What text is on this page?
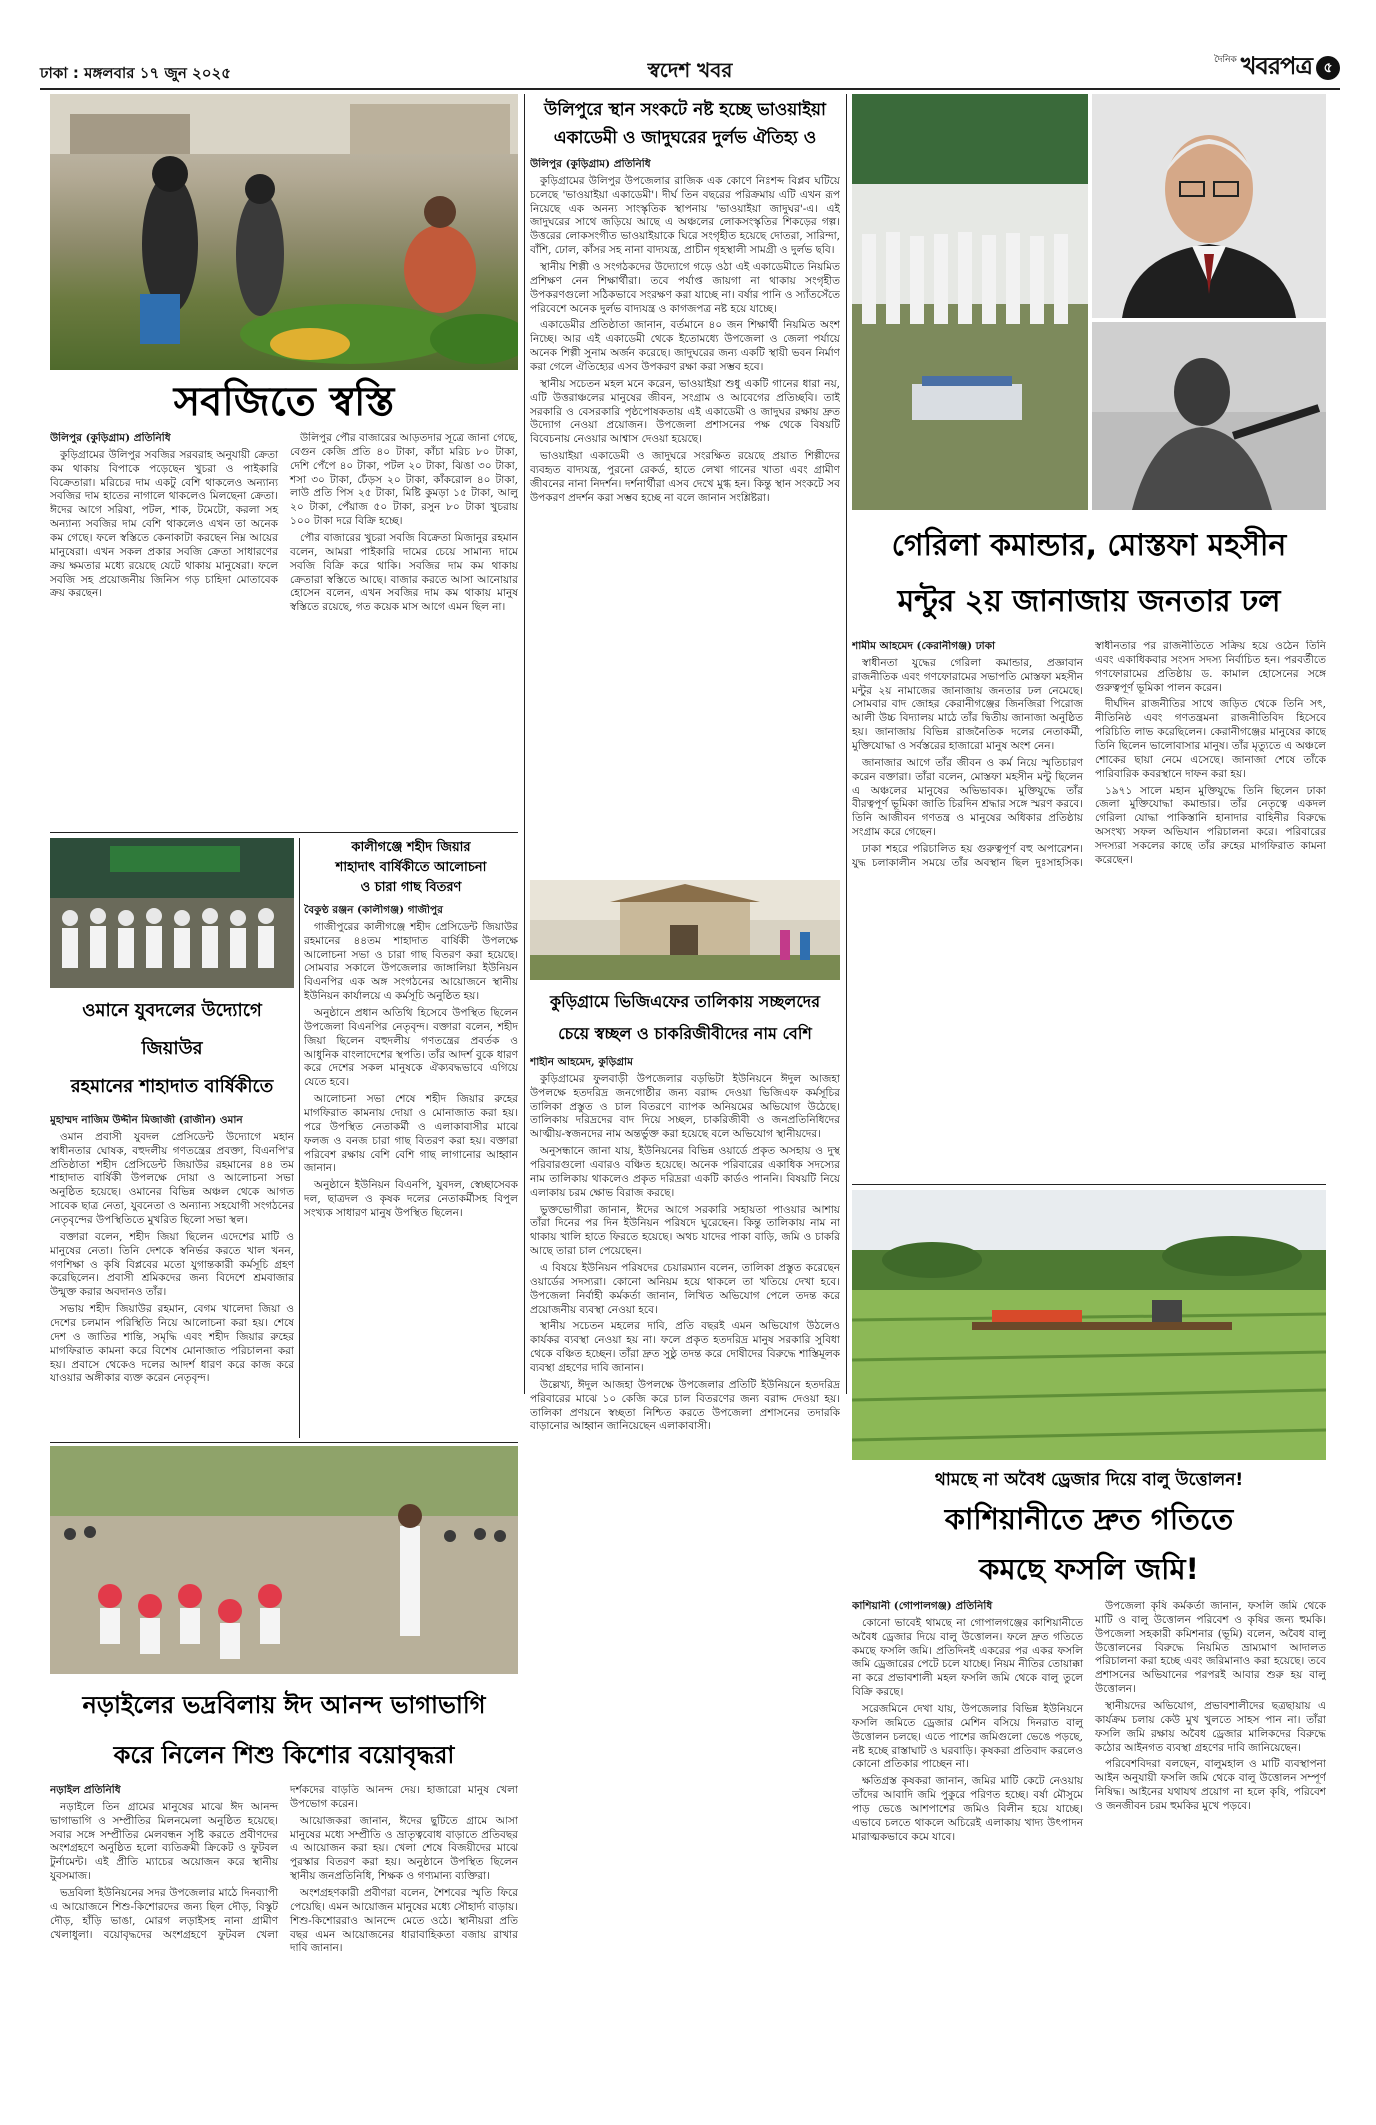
ঢাকা : মঙ্গলবার ১৭ জুন ২০২৫	স্বদেশ খবর	দৈনিক খবরপত্র ৫
সবজিতে স্বস্তি

উলিপুর (কুড়িগ্রাম) প্রতিনিধি

কুড়িগ্রামের উলিপুর সবজির সরবরাহ অনুযায়ী ক্রেতা কম থাকায় বিপাকে পড়েছেন খুচরা ও পাইকারি বিক্রেতারা। মরিচের দাম একটু বেশি থাকলেও অন্যান্য সবজির দাম হাতের নাগালে থাকলেও মিলছেনা ক্রেতা। ঈদের আগে সরিষা, পটল, শাক, টমেটো, করলা সহ অন্যান্য সবজির দাম বেশি থাকলেও এখন তা অনেক কম গেছে। ফলে স্বস্তিতে কেনাকাটা করছেন নিম্ন আয়ের মানুষেরা। এখন সকল প্রকার সবজি ক্রেতা সাধারণের ক্রয় ক্ষমতার মধ্যে রয়েছে যেটে থাকায় মানুষেরা। ফলে সবজি সহ প্রয়োজনীয় জিনিস গড় চাহিদা মোতাবেক ক্রয় করছেন।

উলিপুর পৌর বাজারের আড়তদার সূত্রে জানা গেছে, বেগুন কেজি প্রতি ৪০ টাকা, কাঁচা মরিচ ৮০ টাকা, দেশি পেঁপে ৪০ টাকা, পটল ২০ টাকা, ঝিঙা ৩০ টাকা, শসা ৩০ টাকা, ঢেঁড়স ২০ টাকা, কাঁকরোল ৪০ টাকা, লাউ প্রতি পিস ২৫ টাকা, মিষ্টি কুমড়া ১৫ টাকা, আলু ২০ টাকা, পেঁয়াজ ৫০ টাকা, রসুন ৮০ টাকা খুচরায় ১০০ টাকা দরে বিক্রি হচ্ছে।

পৌর বাজারের খুচরা সবজি বিক্রেতা মিজানুর রহমান বলেন, আমরা পাইকারি দামের চেয়ে সামান্য দামে সবজি বিক্রি করে থাকি। সবজির দাম কম থাকায় ক্রেতারা স্বস্তিতে আছে। বাজার করতে আসা আনোয়ার হোসেন বলেন, এখন সবজির দাম কম থাকায় মানুষ স্বস্তিতে রয়েছে, গত কয়েক মাস আগে এমন ছিল না।

উলিপুরে স্থান সংকটে নষ্ট হচ্ছে ভাওয়াইয়া
একাডেমী ও জাদুঘরের দুর্লভ ঐতিহ্য ও

উলিপুর (কুড়িগ্রাম) প্রতিনিধি

কুড়িগ্রামের উলিপুর উপজেলার রাজিক এক কোণে নিঃশব্দ বিপ্লব ঘটিয়ে চলেছে 'ভাওয়াইয়া একাডেমী'। দীর্ঘ তিন বছরের পরিক্রমায় এটি এখন রূপ নিয়েছে এক অনন্য সাংস্কৃতিক স্থাপনায় 'ভাওয়াইয়া জাদুঘর'-এ। এই জাদুঘরের সাথে জড়িয়ে আছে এ অঞ্চলের লোকসংস্কৃতির শিকড়ের গল্প। উত্তরের লোকসংগীত ভাওয়াইয়াকে ঘিরে সংগৃহীত হয়েছে দোতরা, সারিন্দা, বাঁশি, ঢোল, কাঁসর সহ নানা বাদ্যযন্ত্র, প্রাচীন গৃহস্থালী সামগ্রী ও দুর্লভ ছবি।

স্থানীয় শিল্পী ও সংগঠকদের উদ্যোগে গড়ে ওঠা এই একাডেমীতে নিয়মিত প্রশিক্ষণ নেন শিক্ষার্থীরা। তবে পর্যাপ্ত জায়গা না থাকায় সংগৃহীত উপকরণগুলো সঠিকভাবে সংরক্ষণ করা যাচ্ছে না। বর্ষার পানি ও স্যাঁতসেঁতে পরিবেশে অনেক দুর্লভ বাদ্যযন্ত্র ও কাগজপত্র নষ্ট হয়ে যাচ্ছে।

একাডেমীর প্রতিষ্ঠাতা জানান, বর্তমানে ৪০ জন শিক্ষার্থী নিয়মিত অংশ নিচ্ছে। আর এই একাডেমী থেকে ইতোমধ্যে উপজেলা ও জেলা পর্যায়ে অনেক শিল্পী সুনাম অর্জন করেছে। জাদুঘরের জন্য একটি স্থায়ী ভবন নির্মাণ করা গেলে ঐতিহ্যের এসব উপকরণ রক্ষা করা সম্ভব হবে।

স্থানীয় সচেতন মহল মনে করেন, ভাওয়াইয়া শুধু একটি গানের ধারা নয়, এটি উত্তরাঞ্চলের মানুষের জীবন, সংগ্রাম ও আবেগের প্রতিচ্ছবি। তাই সরকারি ও বেসরকারি পৃষ্ঠপোষকতায় এই একাডেমী ও জাদুঘর রক্ষায় দ্রুত উদ্যোগ নেওয়া প্রয়োজন। উপজেলা প্রশাসনের পক্ষ থেকে বিষয়টি বিবেচনায় নেওয়ার আশ্বাস দেওয়া হয়েছে।

ভাওয়াইয়া একাডেমী ও জাদুঘরে সংরক্ষিত রয়েছে প্রয়াত শিল্পীদের ব্যবহৃত বাদ্যযন্ত্র, পুরনো রেকর্ড, হাতে লেখা গানের খাতা এবং গ্রামীণ জীবনের নানা নিদর্শন। দর্শনার্থীরা এসব দেখে মুগ্ধ হন। কিন্তু স্থান সংকটে সব উপকরণ প্রদর্শন করা সম্ভব হচ্ছে না বলে জানান সংশ্লিষ্টরা।

গেরিলা কমান্ডার, মোস্তফা মহসীন
মন্টুর ২য় জানাজায় জনতার ঢল

শামীম আহমেদ (কেরানীগঞ্জ) ঢাকা

স্বাধীনতা যুদ্ধের গেরিলা কমান্ডার, প্রজ্ঞাবান রাজনীতিক এবং গণফোরামের সভাপতি মোস্তফা মহসীন মন্টুর ২য় নামাজের জানাজায় জনতার ঢল নেমেছে। সোমবার বাদ জোহর কেরানীগঞ্জের জিনজিরা পিরোজ আলী উচ্চ বিদ্যালয় মাঠে তাঁর দ্বিতীয় জানাজা অনুষ্ঠিত হয়। জানাজায় বিভিন্ন রাজনৈতিক দলের নেতাকর্মী, মুক্তিযোদ্ধা ও সর্বস্তরের হাজারো মানুষ অংশ নেন।

জানাজার আগে তাঁর জীবন ও কর্ম নিয়ে স্মৃতিচারণ করেন বক্তারা। তাঁরা বলেন, মোস্তফা মহসীন মন্টু ছিলেন এ অঞ্চলের মানুষের অভিভাবক। মুক্তিযুদ্ধে তাঁর বীরত্বপূর্ণ ভূমিকা জাতি চিরদিন শ্রদ্ধার সঙ্গে স্মরণ করবে। তিনি আজীবন গণতন্ত্র ও মানুষের অধিকার প্রতিষ্ঠায় সংগ্রাম করে গেছেন।

ঢাকা শহরে পরিচালিত হয় গুরুত্বপূর্ণ বহু অপারেশন। যুদ্ধ চলাকালীন সময়ে তাঁর অবস্থান ছিল দুঃসাহসিক। স্বাধীনতার পর রাজনীতিতে সক্রিয় হয়ে ওঠেন তিনি এবং একাধিকবার সংসদ সদস্য নির্বাচিত হন। পরবর্তীতে গণফোরামের প্রতিষ্ঠায় ড. কামাল হোসেনের সঙ্গে গুরুত্বপূর্ণ ভূমিকা পালন করেন।

দীর্ঘদিন রাজনীতির সাথে জড়িত থেকে তিনি সৎ, নীতিনিষ্ঠ এবং গণতন্ত্রমনা রাজনীতিবিদ হিসেবে পরিচিতি লাভ করেছিলেন। কেরানীগঞ্জের মানুষের কাছে তিনি ছিলেন ভালোবাসার মানুষ। তাঁর মৃত্যুতে এ অঞ্চলে শোকের ছায়া নেমে এসেছে। জানাজা শেষে তাঁকে পারিবারিক কবরস্থানে দাফন করা হয়।

১৯৭১ সালে মহান মুক্তিযুদ্ধে তিনি ছিলেন ঢাকা জেলা মুক্তিযোদ্ধা কমান্ডার। তাঁর নেতৃত্বে একদল গেরিলা যোদ্ধা পাকিস্তানি হানাদার বাহিনীর বিরুদ্ধে অসংখ্য সফল অভিযান পরিচালনা করে। পরিবারের সদস্যরা সকলের কাছে তাঁর রুহের মাগফিরাত কামনা করেছেন।

কালীগঞ্জে শহীদ জিয়ার
শাহাদাৎ বার্ষিকীতে আলোচনা
ও চারা গাছ বিতরণ

বৈকুণ্ঠ রঞ্জন (কালীগঞ্জ) গাজীপুর

গাজীপুরের কালীগঞ্জে শহীদ প্রেসিডেন্ট জিয়াউর রহমানের ৪৪তম শাহাদাত বার্ষিকী উপলক্ষে আলোচনা সভা ও চারা গাছ বিতরণ করা হয়েছে। সোমবার সকালে উপজেলার জাঙ্গালিয়া ইউনিয়ন বিএনপির এক অঙ্গ সংগঠনের আয়োজনে স্থানীয় ইউনিয়ন কার্যালয়ে এ কর্মসূচি অনুষ্ঠিত হয়।

অনুষ্ঠানে প্রধান অতিথি হিসেবে উপস্থিত ছিলেন উপজেলা বিএনপির নেতৃবৃন্দ। বক্তারা বলেন, শহীদ জিয়া ছিলেন বহুদলীয় গণতন্ত্রের প্রবর্তক ও আধুনিক বাংলাদেশের স্থপতি। তাঁর আদর্শ বুকে ধারণ করে দেশের সকল মানুষকে ঐক্যবদ্ধভাবে এগিয়ে যেতে হবে।

আলোচনা সভা শেষে শহীদ জিয়ার রুহের মাগফিরাত কামনায় দোয়া ও মোনাজাত করা হয়। পরে উপস্থিত নেতাকর্মী ও এলাকাবাসীর মাঝে ফলজ ও বনজ চারা গাছ বিতরণ করা হয়। বক্তারা পরিবেশ রক্ষায় বেশি বেশি গাছ লাগানোর আহ্বান জানান।

অনুষ্ঠানে ইউনিয়ন বিএনপি, যুবদল, স্বেচ্ছাসেবক দল, ছাত্রদল ও কৃষক দলের নেতাকর্মীসহ বিপুল সংখ্যক সাধারণ মানুষ উপস্থিত ছিলেন।

ওমানে যুবদলের উদ্যোগে জিয়াউর
রহমানের শাহাদাত বার্ষিকীতে

মুহাম্মদ নাজিম উদ্দীন মিজাজী (রাজীন) ওমান

ওমান প্রবাসী যুবদল প্রেসিডেন্ট উদ্যোগে মহান স্বাধীনতার ঘোষক, বহুদলীয় গণতন্ত্রের প্রবক্তা, বিএনপি'র প্রতিষ্ঠাতা শহীদ প্রেসিডেন্ট জিয়াউর রহমানের ৪৪ তম শাহাদাত বার্ষিকী উপলক্ষে দোয়া ও আলোচনা সভা অনুষ্ঠিত হয়েছে। ওমানের বিভিন্ন অঞ্চল থেকে আগত সাবেক ছাত্র নেতা, যুবনেতা ও অন্যান্য সহযোগী সংগঠনের নেতৃবৃন্দের উপস্থিতিতে মুখরিত ছিলো সভা স্থল।

বক্তারা বলেন, শহীদ জিয়া ছিলেন এদেশের মাটি ও মানুষের নেতা। তিনি দেশকে স্বনির্ভর করতে খাল খনন, গণশিক্ষা ও কৃষি বিপ্লবের মতো যুগান্তকারী কর্মসূচি গ্রহণ করেছিলেন। প্রবাসী শ্রমিকদের জন্য বিদেশে শ্রমবাজার উন্মুক্ত করার অবদানও তাঁর।

সভায় শহীদ জিয়াউর রহমান, বেগম খালেদা জিয়া ও দেশের চলমান পরিস্থিতি নিয়ে আলোচনা করা হয়। শেষে দেশ ও জাতির শান্তি, সমৃদ্ধি এবং শহীদ জিয়ার রুহের মাগফিরাত কামনা করে বিশেষ মোনাজাত পরিচালনা করা হয়। প্রবাসে থেকেও দলের আদর্শ ধারণ করে কাজ করে যাওয়ার অঙ্গীকার ব্যক্ত করেন নেতৃবৃন্দ।

কুড়িগ্রামে ভিজিএফের তালিকায় সচ্ছলদের
চেয়ে স্বচ্ছল ও চাকরিজীবীদের নাম বেশি

শাহীন আহমেদ, কুড়িগ্রাম

কুড়িগ্রামের ফুলবাড়ী উপজেলার বড়ভিটা ইউনিয়নে ঈদুল আজহা উপলক্ষে হতদরিদ্র জনগোষ্ঠীর জন্য বরাদ্দ দেওয়া ভিজিএফ কর্মসূচির তালিকা প্রস্তুত ও চাল বিতরণে ব্যাপক অনিয়মের অভিযোগ উঠেছে। তালিকায় দরিদ্রদের বাদ দিয়ে সচ্ছল, চাকরিজীবী ও জনপ্রতিনিধিদের আত্মীয়-স্বজনদের নাম অন্তর্ভুক্ত করা হয়েছে বলে অভিযোগ স্থানীয়দের।

অনুসন্ধানে জানা যায়, ইউনিয়নের বিভিন্ন ওয়ার্ডে প্রকৃত অসহায় ও দুস্থ পরিবারগুলো এবারও বঞ্চিত হয়েছে। অনেক পরিবারের একাধিক সদস্যের নাম তালিকায় থাকলেও প্রকৃত দরিদ্ররা একটি কার্ডও পাননি। বিষয়টি নিয়ে এলাকায় চরম ক্ষোভ বিরাজ করছে।

ভুক্তভোগীরা জানান, ঈদের আগে সরকারি সহায়তা পাওয়ার আশায় তাঁরা দিনের পর দিন ইউনিয়ন পরিষদে ঘুরেছেন। কিন্তু তালিকায় নাম না থাকায় খালি হাতে ফিরতে হয়েছে। অথচ যাদের পাকা বাড়ি, জমি ও চাকরি আছে তারা চাল পেয়েছেন।

এ বিষয়ে ইউনিয়ন পরিষদের চেয়ারম্যান বলেন, তালিকা প্রস্তুত করেছেন ওয়ার্ডের সদস্যরা। কোনো অনিয়ম হয়ে থাকলে তা খতিয়ে দেখা হবে। উপজেলা নির্বাহী কর্মকর্তা জানান, লিখিত অভিযোগ পেলে তদন্ত করে প্রয়োজনীয় ব্যবস্থা নেওয়া হবে।

স্থানীয় সচেতন মহলের দাবি, প্রতি বছরই এমন অভিযোগ উঠলেও কার্যকর ব্যবস্থা নেওয়া হয় না। ফলে প্রকৃত হতদরিদ্র মানুষ সরকারি সুবিধা থেকে বঞ্চিত হচ্ছেন। তাঁরা দ্রুত সুষ্ঠু তদন্ত করে দোষীদের বিরুদ্ধে শাস্তিমূলক ব্যবস্থা গ্রহণের দাবি জানান।

উল্লেখ্য, ঈদুল আজহা উপলক্ষে উপজেলার প্রতিটি ইউনিয়নে হতদরিদ্র পরিবারের মাঝে ১০ কেজি করে চাল বিতরণের জন্য বরাদ্দ দেওয়া হয়। তালিকা প্রণয়নে স্বচ্ছতা নিশ্চিত করতে উপজেলা প্রশাসনের তদারকি বাড়ানোর আহ্বান জানিয়েছেন এলাকাবাসী।

নড়াইলের ভদ্রবিলায় ঈদ আনন্দ ভাগাভাগি
করে নিলেন শিশু কিশোর বয়োবৃদ্ধরা

নড়াইল প্রতিনিধি

নড়াইলে তিন গ্রামের মানুষের মাঝে ঈদ আনন্দ ভাগাভাগি ও সম্প্রীতির মিলনমেলা অনুষ্ঠিত হয়েছে। সবার সঙ্গে সম্প্রীতির মেলবন্ধন সৃষ্টি করতে প্রবীণদের অংশগ্রহণে অনুষ্ঠিত হলো ব্যতিক্রমী ক্রিকেট ও ফুটবল টুর্নামেন্ট। এই প্রীতি ম্যাচের অয়োজন করে স্থানীয় যুবসমাজ।

ভদ্রবিলা ইউনিয়নের সদর উপজেলার মাঠে দিনব্যাপী এ আয়োজনে শিশু-কিশোরদের জন্য ছিল দৌড়, বিস্কুট দৌড়, হাঁড়ি ভাঙা, মোরগ লড়াইসহ নানা গ্রামীণ খেলাধুলা। বয়োবৃদ্ধদের অংশগ্রহণে ফুটবল খেলা দর্শকদের বাড়তি আনন্দ দেয়। হাজারো মানুষ খেলা উপভোগ করেন।

আয়োজকরা জানান, ঈদের ছুটিতে গ্রামে আসা মানুষের মধ্যে সম্প্রীতি ও ভ্রাতৃত্ববোধ বাড়াতে প্রতিবছর এ আয়োজন করা হয়। খেলা শেষে বিজয়ীদের মাঝে পুরস্কার বিতরণ করা হয়। অনুষ্ঠানে উপস্থিত ছিলেন স্থানীয় জনপ্রতিনিধি, শিক্ষক ও গণ্যমান্য ব্যক্তিরা।

অংশগ্রহণকারী প্রবীণরা বলেন, শৈশবের স্মৃতি ফিরে পেয়েছি। এমন আয়োজন মানুষের মধ্যে সৌহার্দ্য বাড়ায়। শিশু-কিশোররাও আনন্দে মেতে ওঠে। স্থানীয়রা প্রতি বছর এমন আয়োজনের ধারাবাহিকতা বজায় রাখার দাবি জানান।

থামছে না অবৈধ ড্রেজার দিয়ে বালু উত্তোলন!
কাশিয়ানীতে দ্রুত গতিতে
কমছে ফসলি জমি!

কাশিয়ানী (গোপালগঞ্জ) প্রতিনিধি

কোনো ভাবেই থামছে না গোপালগঞ্জের কাশিয়ানীতে অবৈধ ড্রেজার দিয়ে বালু উত্তোলন। ফলে দ্রুত গতিতে কমছে ফসলি জমি। প্রতিদিনই একরের পর একর ফসলি জমি ড্রেজারের পেটে চলে যাচ্ছে। নিয়ম নীতির তোয়াক্কা না করে প্রভাবশালী মহল ফসলি জমি থেকে বালু তুলে বিক্রি করছে।

সরেজমিনে দেখা যায়, উপজেলার বিভিন্ন ইউনিয়নে ফসলি জমিতে ড্রেজার মেশিন বসিয়ে দিনরাত বালু উত্তোলন চলছে। এতে পাশের জমিগুলো ভেঙে পড়ছে, নষ্ট হচ্ছে রাস্তাঘাট ও ঘরবাড়ি। কৃষকরা প্রতিবাদ করলেও কোনো প্রতিকার পাচ্ছেন না।

ক্ষতিগ্রস্ত কৃষকরা জানান, জমির মাটি কেটে নেওয়ায় তাঁদের আবাদি জমি পুকুরে পরিণত হচ্ছে। বর্ষা মৌসুমে পাড় ভেঙে আশপাশের জমিও বিলীন হয়ে যাচ্ছে। এভাবে চলতে থাকলে অচিরেই এলাকায় খাদ্য উৎপাদন মারাত্মকভাবে কমে যাবে।

উপজেলা কৃষি কর্মকর্তা জানান, ফসলি জমি থেকে মাটি ও বালু উত্তোলন পরিবেশ ও কৃষির জন্য হুমকি। উপজেলা সহকারী কমিশনার (ভূমি) বলেন, অবৈধ বালু উত্তোলনের বিরুদ্ধে নিয়মিত ভ্রাম্যমাণ আদালত পরিচালনা করা হচ্ছে এবং জরিমানাও করা হয়েছে। তবে প্রশাসনের অভিযানের পরপরই আবার শুরু হয় বালু উত্তোলন।

স্থানীয়দের অভিযোগ, প্রভাবশালীদের ছত্রছায়ায় এ কার্যক্রম চলায় কেউ মুখ খুলতে সাহস পান না। তাঁরা ফসলি জমি রক্ষায় অবৈধ ড্রেজার মালিকদের বিরুদ্ধে কঠোর আইনগত ব্যবস্থা গ্রহণের দাবি জানিয়েছেন।

পরিবেশবিদরা বলছেন, বালুমহাল ও মাটি ব্যবস্থাপনা আইন অনুযায়ী ফসলি জমি থেকে বালু উত্তোলন সম্পূর্ণ নিষিদ্ধ। আইনের যথাযথ প্রয়োগ না হলে কৃষি, পরিবেশ ও জনজীবন চরম হুমকির মুখে পড়বে।
